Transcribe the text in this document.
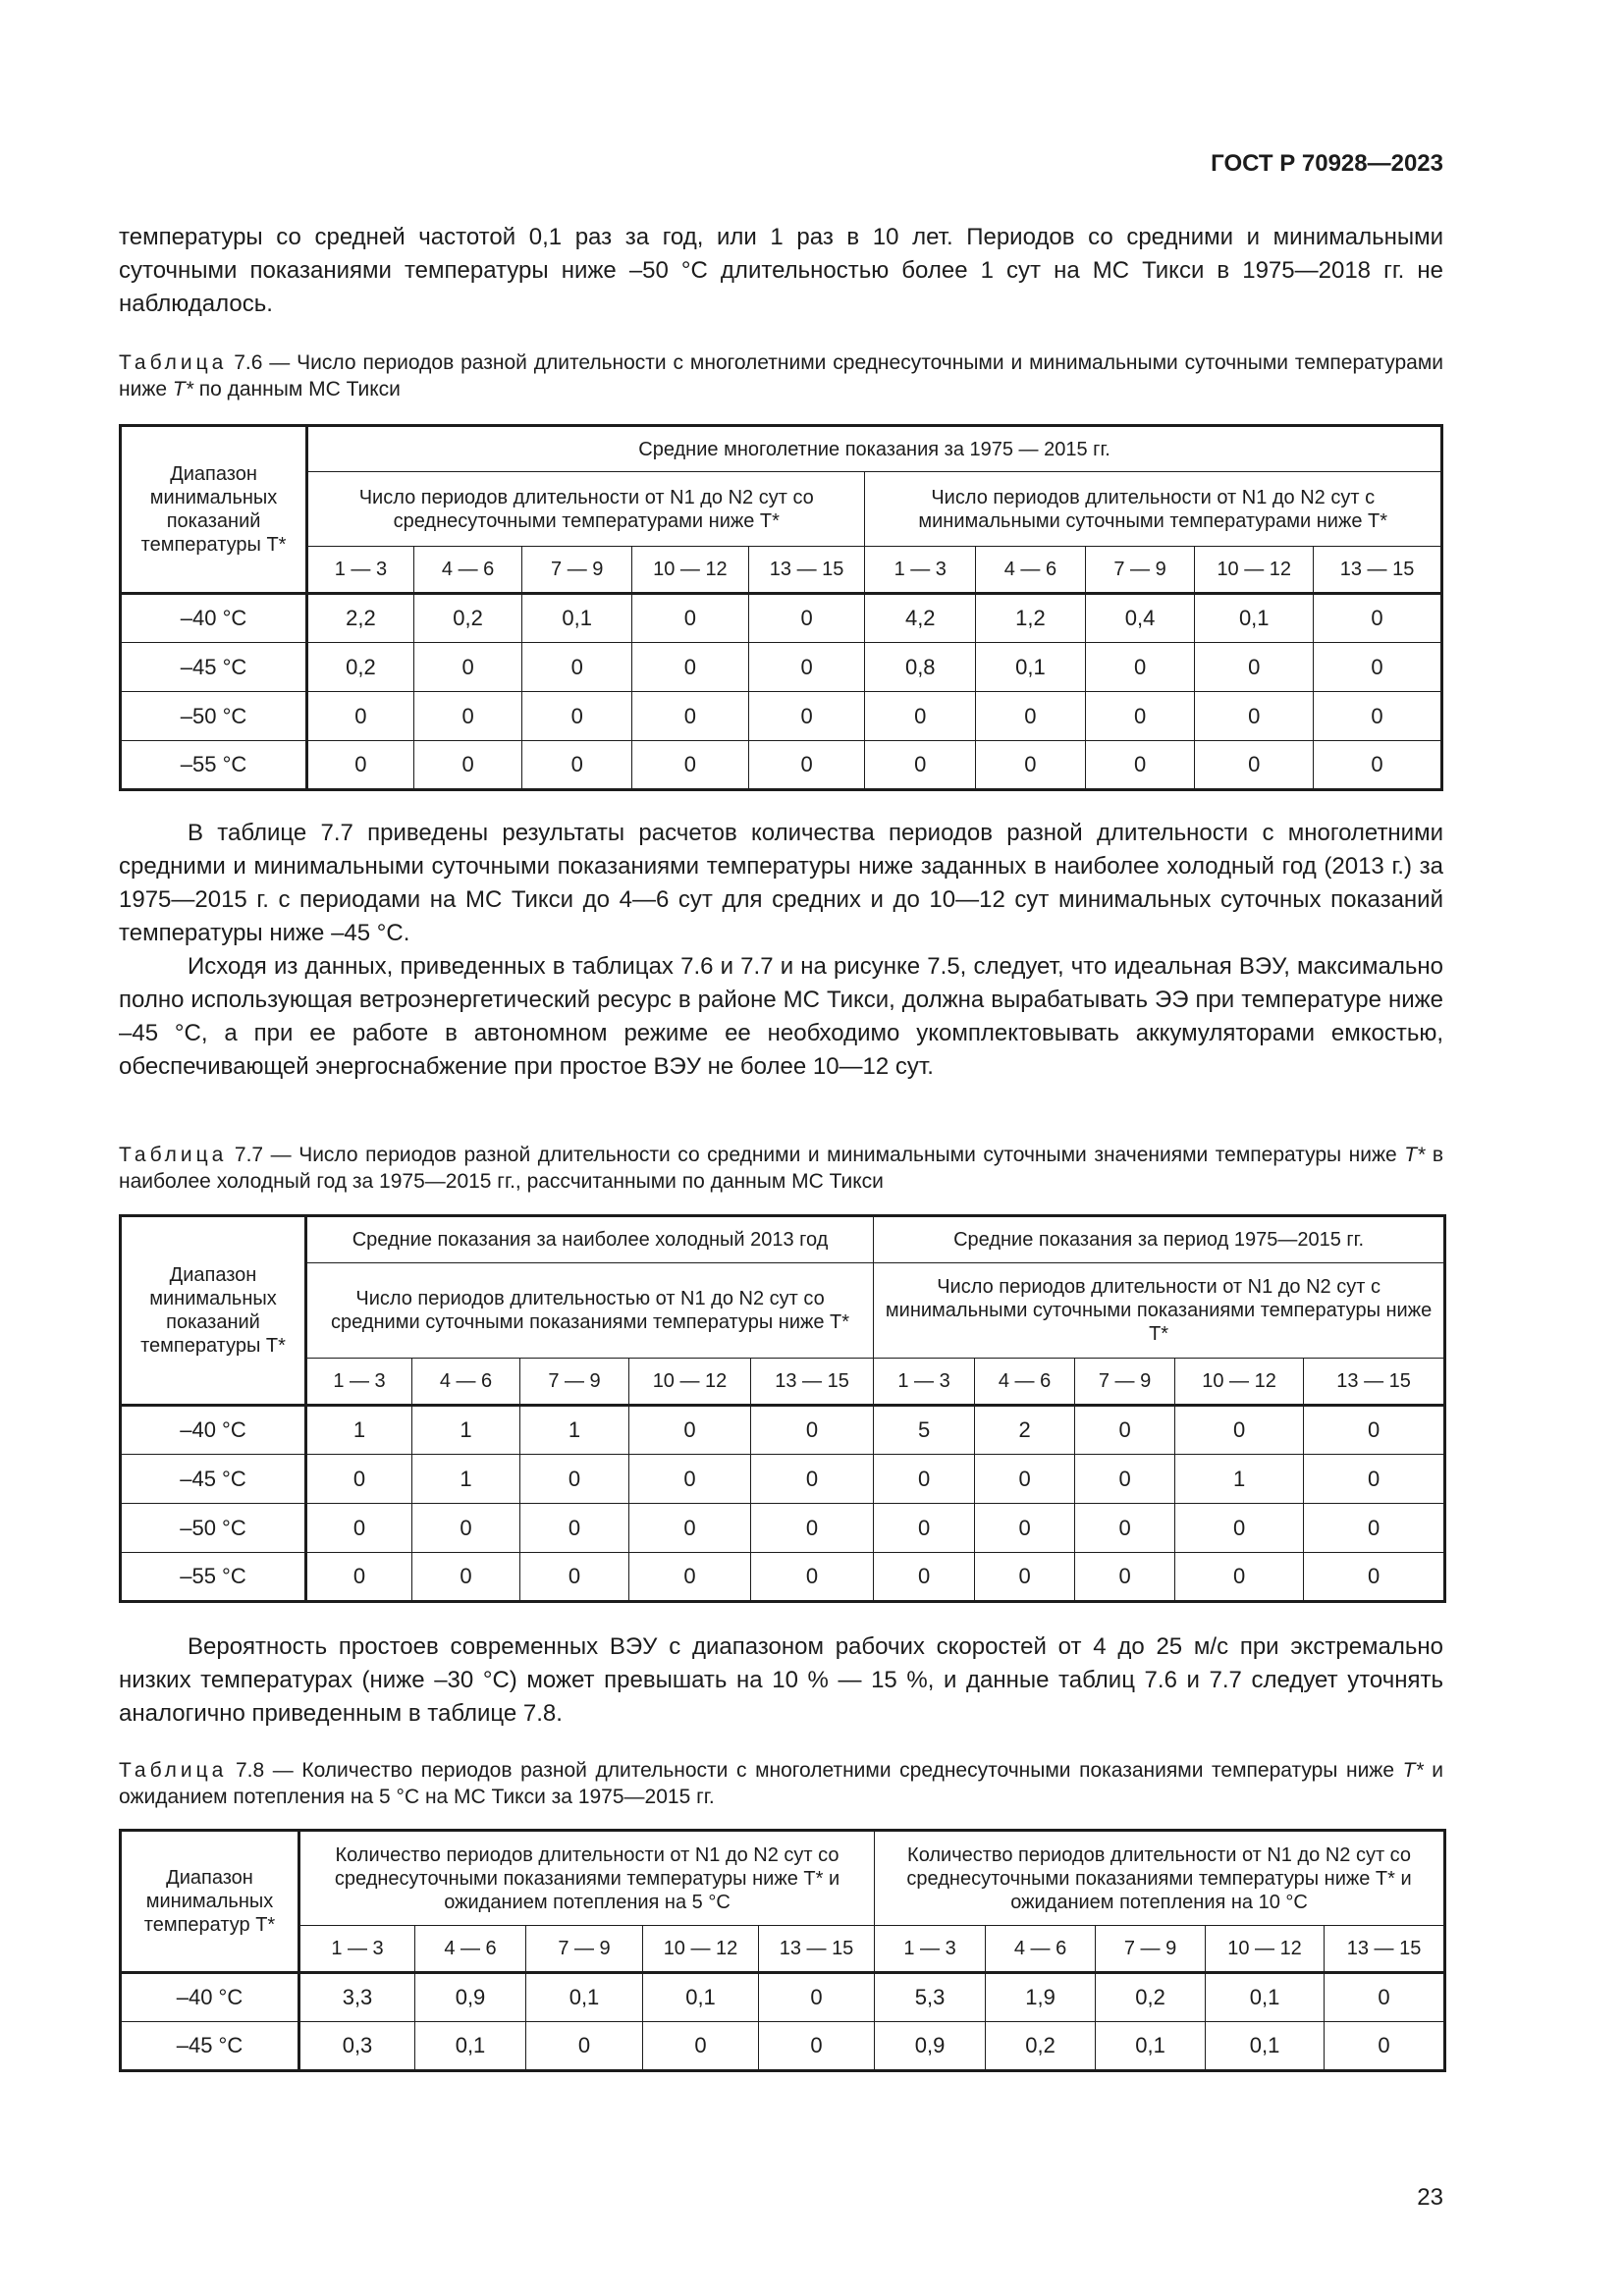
ГОСТ Р 70928—2023

температуры со средней частотой 0,1 раз за год, или 1 раз в 10 лет. Периодов со средними и минимальными суточными показаниями температуры ниже –50 °С длительностью более 1 сут на МС Тикси в 1975—2018 гг. не наблюдалось.

Таблица 7.6 — Число периодов разной длительности с многолетними среднесуточными и минимальными суточными температурами ниже T* по данным МС Тикси

Диапазон минимальных показаний температуры T*	Средние многолетние показания за 1975 — 2015 гг.									
	Число периодов длительности от N1 до N2 сут со среднесуточными температурами ниже T*					Число периодов длительности от N1 до N2 сут с минимальными суточными температурами ниже T*				
	1 — 3	4 — 6	7 — 9	10 — 12	13 — 15	1 — 3	4 — 6	7 — 9	10 — 12	13 — 15
–40 °С	2,2	0,2	0,1	0	0	4,2	1,2	0,4	0,1	0
–45 °С	0,2	0	0	0	0	0,8	0,1	0	0	0
–50 °С	0	0	0	0	0	0	0	0	0	0
–55 °С	0	0	0	0	0	0	0	0	0	0

В таблице 7.7 приведены результаты расчетов количества периодов разной длительности с многолетними средними и минимальными суточными показаниями температуры ниже заданных в наиболее холодный год (2013 г.) за 1975—2015 г. с периодами на МС Тикси до 4—6 сут для средних и до 10—12 сут минимальных суточных показаний температуры ниже –45 °С.

Исходя из данных, приведенных в таблицах 7.6 и 7.7 и на рисунке 7.5, следует, что идеальная ВЭУ, максимально полно использующая ветроэнергетический ресурс в районе МС Тикси, должна вырабатывать ЭЭ при температуре ниже –45 °С, а при ее работе в автономном режиме ее необходимо укомплектовывать аккумуляторами емкостью, обеспечивающей энергоснабжение при простое ВЭУ не более 10—12 сут.

Таблица 7.7 — Число периодов разной длительности со средними и минимальными суточными значениями температуры ниже T* в наиболее холодный год за 1975—2015 гг., рассчитанными по данным МС Тикси

Диапазон минимальных показаний температуры T*	Средние показания за наиболее холодный 2013 год					Средние показания за период 1975—2015 гг.				
	Число периодов длительностью от N1 до N2 сут со средними суточными показаниями температуры ниже T*					Число периодов длительности от N1 до N2 сут с минимальными суточными показаниями температуры ниже T*				
	1 — 3	4 — 6	7 — 9	10 — 12	13 — 15	1 — 3	4 — 6	7 — 9	10 — 12	13 — 15
–40 °С	1	1	1	0	0	5	2	0	0	0
–45 °С	0	1	0	0	0	0	0	0	1	0
–50 °С	0	0	0	0	0	0	0	0	0	0
–55 °С	0	0	0	0	0	0	0	0	0	0

Вероятность простоев современных ВЭУ с диапазоном рабочих скоростей от 4 до 25 м/с при экстремально низких температурах (ниже –30 °С) может превышать на 10 % — 15 %, и данные таблиц 7.6 и 7.7 следует уточнять аналогично приведенным в таблице 7.8.

Таблица 7.8 — Количество периодов разной длительности с многолетними среднесуточными показаниями температуры ниже T* и ожиданием потепления на 5 °С на МС Тикси за 1975—2015 гг.

Диапазон минимальных температур T*	Количество периодов длительности от N1 до N2 сут со среднесуточными показаниями температуры ниже T* и ожиданием потепления на 5 °С					Количество периодов длительности от N1 до N2 сут со среднесуточными показаниями температуры ниже T* и ожиданием потепления на 10 °С				
	1 — 3	4 — 6	7 — 9	10 — 12	13 — 15	1 — 3	4 — 6	7 — 9	10 — 12	13 — 15
–40 °С	3,3	0,9	0,1	0,1	0	5,3	1,9	0,2	0,1	0
–45 °С	0,3	0,1	0	0	0	0,9	0,2	0,1	0,1	0
23
